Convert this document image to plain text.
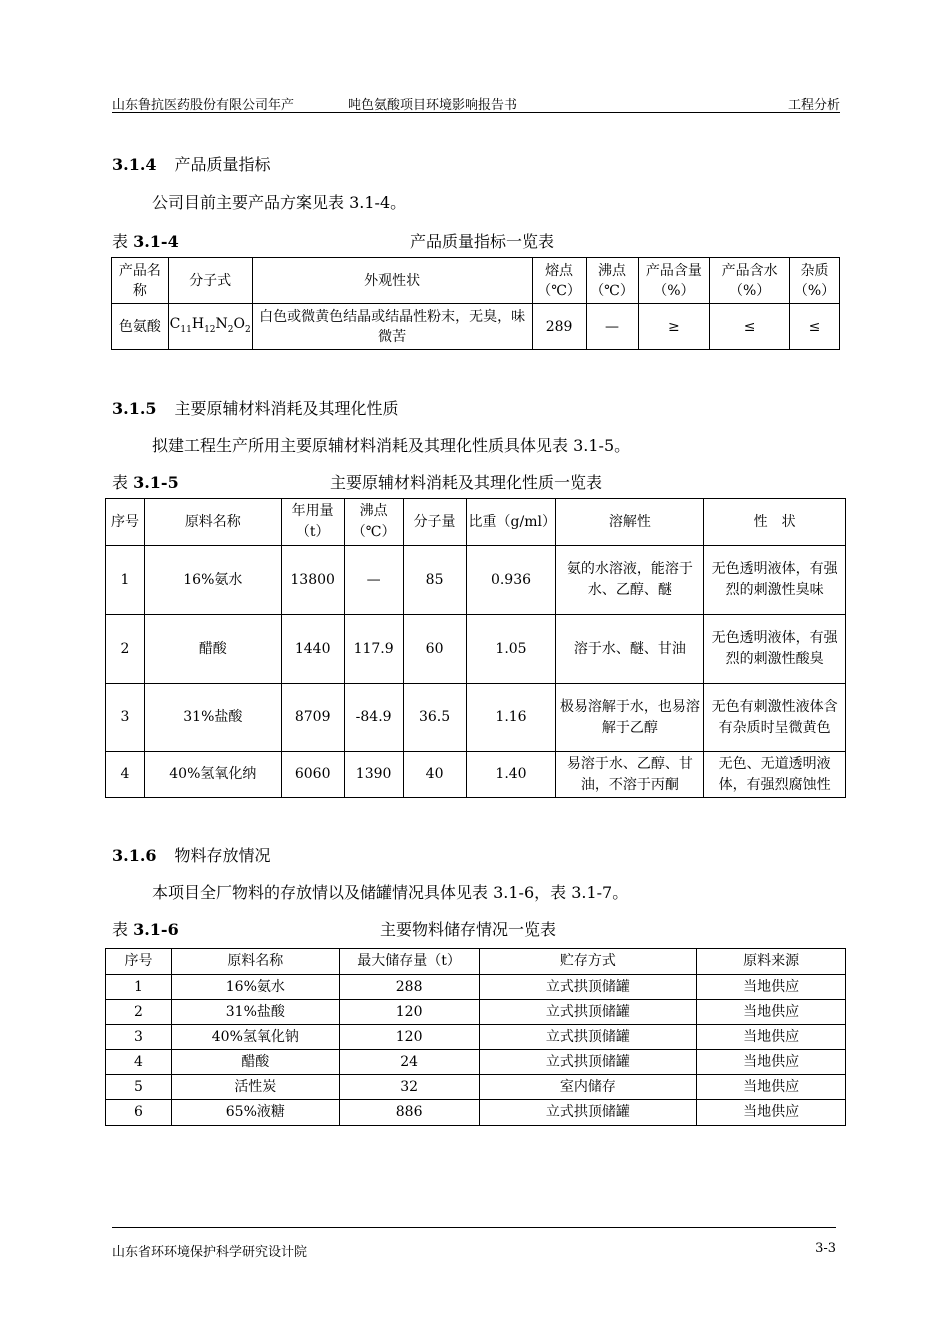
山东鲁抗医药股份有限公司年产	吨色氨酸项目环境影响报告书	工程分析
3.1.4 产品质量指标
公司目前主要产品方案见表 3.1-4。
表 3.1-4	产品质量指标一览表
产品名称	分子式	外观性状	熔点（℃）	沸点（℃）	产品含量（%）	产品含水（%）	杂质（%）
色氨酸	$C_{11}H_{12}N_2O_2$	白色或微黄色结晶或结晶性粉末，无臭，味微苦	289	—	≥	≤	≤
3.1.5 主要原辅材料消耗及其理化性质
拟建工程生产所用主要原辅材料消耗及其理化性质具体见表 3.1-5。
表 3.1-5	主要原辅材料消耗及其理化性质一览表
序号	原料名称	年用量（t）	沸点（℃）	分子量	比重（g/ml）	溶解性	性　状
1	16%氨水	13800	—	85	0.936	氨的水溶液，能溶于水、乙醇、醚	无色透明液体，有强烈的刺激性臭味
2	醋酸	1440	117.9	60	1.05	溶于水、醚、甘油	无色透明液体，有强烈的刺激性酸臭
3	31%盐酸	8709	-84.9	36.5	1.16	极易溶解于水，也易溶解于乙醇	无色有刺激性液体含有杂质时呈微黄色
4	40%氢氧化纳	6060	1390	40	1.40	易溶于水、乙醇、甘油，不溶于丙酮	无色、无道透明液体，有强烈腐蚀性
3.1.6 物料存放情况
本项目全厂物料的存放情以及储罐情况具体见表 3.1-6，表 3.1-7。
表 3.1-6	主要物料储存情况一览表
序号	原料名称	最大储存量（t）	贮存方式	原料来源
1	16%氨水	288	立式拱顶储罐	当地供应
2	31%盐酸	120	立式拱顶储罐	当地供应
3	40%氢氧化钠	120	立式拱顶储罐	当地供应
4	醋酸	24	立式拱顶储罐	当地供应
5	活性炭	32	室内储存	当地供应
6	65%液糖	886	立式拱顶储罐	当地供应
山东省环环境保护科学研究设计院	3-3
